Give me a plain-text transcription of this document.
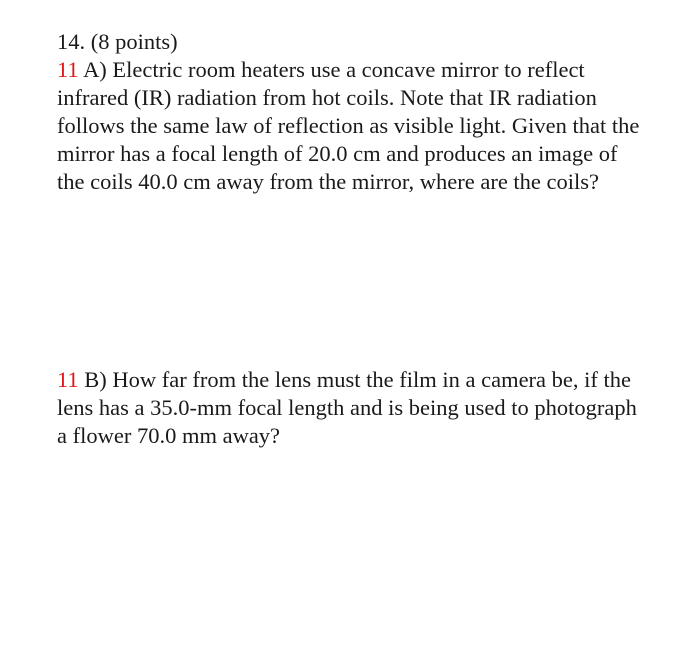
14. (8 points)
11 A) Electric room heaters use a concave mirror to reflect
infrared (IR) radiation from hot coils. Note that IR radiation
follows the same law of reflection as visible light. Given that the
mirror has a focal length of 20.0 cm and produces an image of
the coils 40.0 cm away from the mirror, where are the coils?
11 B) How far from the lens must the film in a camera be, if the
lens has a 35.0-mm focal length and is being used to photograph
a flower 70.0 mm away?
